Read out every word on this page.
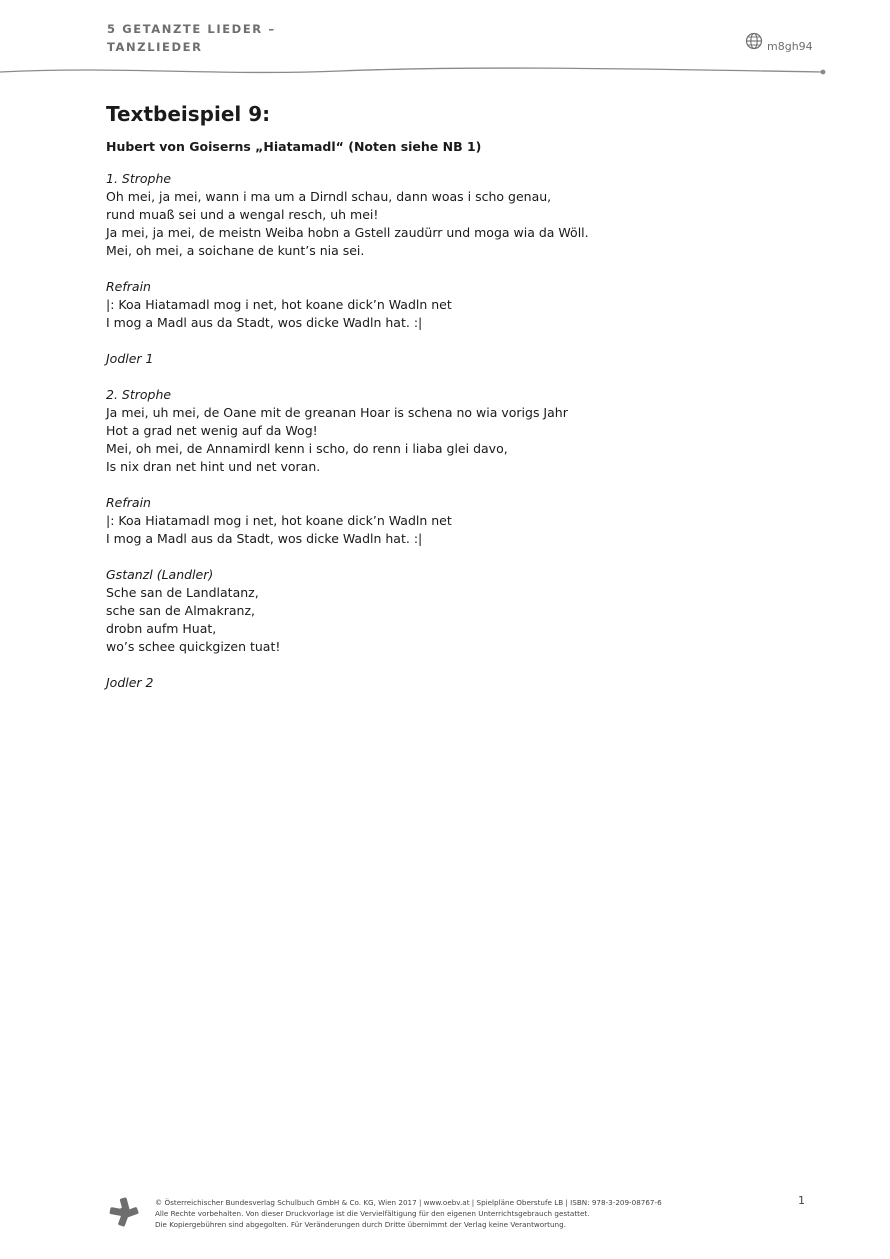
5 GETANZTE LIEDER –
TANZLIEDER	m8gh94
Textbeispiel 9:
Hubert von Goiserns „Hiatamadl“ (Noten siehe NB 1)
1. Strophe
Oh mei, ja mei, wann i ma um a Dirndl schau, dann woas i scho genau,
rund muaß sei und a wengal resch, uh mei!
Ja mei, ja mei, de meistn Weiba hobn a Gstell zaudürr und moga wia da Wöll.
Mei, oh mei, a soichane de kunt’s nia sei.
Refrain
|: Koa Hiatamadl mog i net, hot koane dick’n Wadln net
I mog a Madl aus da Stadt, wos dicke Wadln hat. :|
Jodler 1
2. Strophe
Ja mei, uh mei, de Oane mit de greanan Hoar is schena no wia vorigs Jahr
Hot a grad net wenig auf da Wog!
Mei, oh mei, de Annamirdl kenn i scho, do renn i liaba glei davo,
Is nix dran net hint und net voran.
Refrain
|: Koa Hiatamadl mog i net, hot koane dick’n Wadln net
I mog a Madl aus da Stadt, wos dicke Wadln hat. :|
Gstanzl (Landler)
Sche san de Landlatanz,
sche san de Almakranz,
drobn aufm Huat,
wo’s schee quickgizen tuat!
Jodler 2
© Österreichischer Bundesverlag Schulbuch GmbH & Co. KG, Wien 2017 | www.oebv.at | Spielpläne Oberstufe LB | ISBN: 978-3-209-08767-6
Alle Rechte vorbehalten. Von dieser Druckvorlage ist die Vervielfältigung für den eigenen Unterrichtsgebrauch gestattet.
Die Kopiergebühren sind abgegolten. Für Veränderungen durch Dritte übernimmt der Verlag keine Verantwortung.
1
